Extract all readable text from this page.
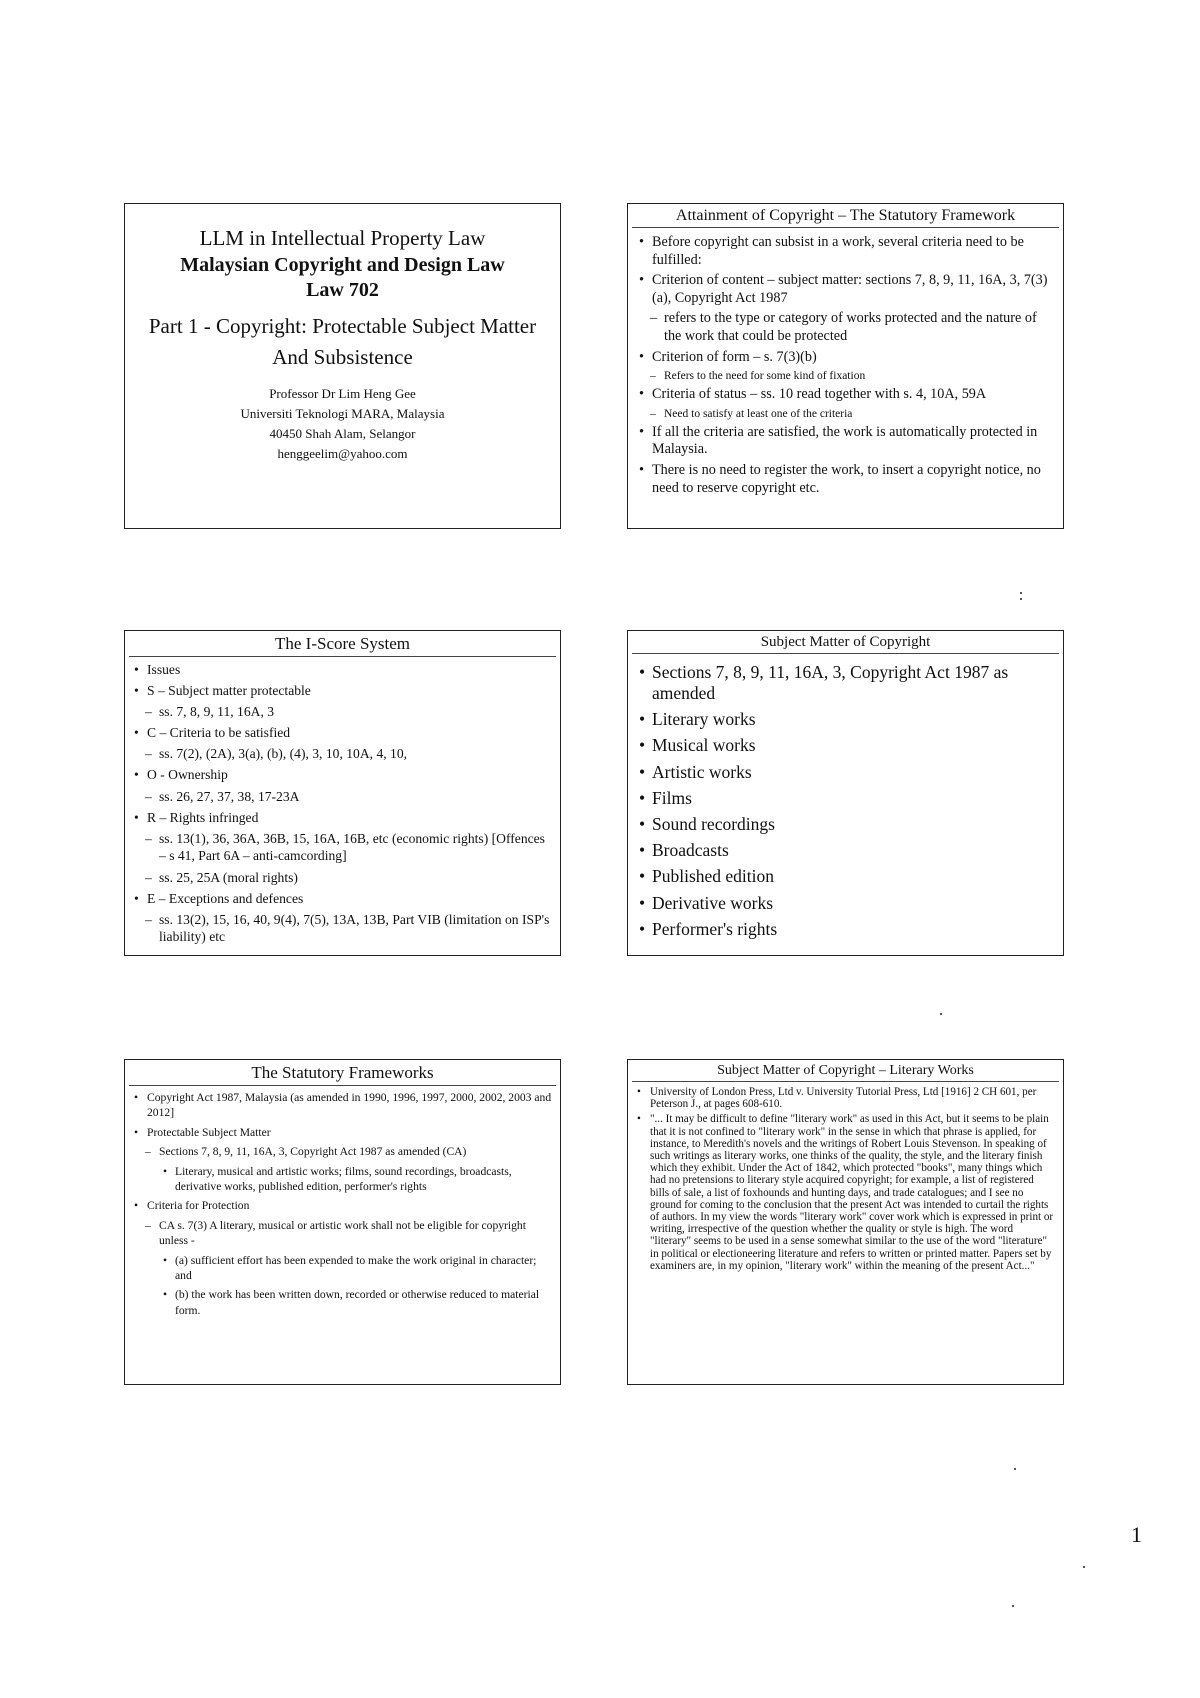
LLM in Intellectual Property Law
Malaysian Copyright and Design Law
Law 702
Part 1 - Copyright: Protectable Subject Matter
And Subsistence
Professor Dr Lim Heng Gee
Universiti Teknologi MARA, Malaysia
40450 Shah Alam, Selangor
henggeelim@yahoo.com
Attainment of Copyright – The Statutory Framework
• Before copyright can subsist in a work, several criteria need to be fulfilled:
• Criterion of content – subject matter: sections 7, 8, 9, 11, 16A, 3, 7(3)(a), Copyright Act 1987
– refers to the type or category of works protected and the nature of the work that could be protected
• Criterion of form – s. 7(3)(b)
– Refers to the need for some kind of fixation
• Criteria of status – ss. 10 read together with s. 4, 10A, 59A
– Need to satisfy at least one of the criteria
• If all the criteria are satisfied, the work is automatically protected in Malaysia.
• There is no need to register the work, to insert a copyright notice, no need to reserve copyright etc.
The I-Score System
• Issues
• S – Subject matter protectable
– ss. 7, 8, 9, 11, 16A, 3
• C – Criteria to be satisfied
– ss. 7(2), (2A), 3(a), (b), (4), 3, 10, 10A, 4, 10,
• O - Ownership
– ss. 26, 27, 37, 38, 17-23A
• R – Rights infringed
– ss. 13(1), 36, 36A, 36B, 15, 16A, 16B, etc (economic rights) [Offences – s 41, Part 6A – anti-camcording]
– ss. 25, 25A (moral rights)
• E – Exceptions and defences
– ss. 13(2), 15, 16, 40, 9(4), 7(5), 13A, 13B, Part VIB (limitation on ISP's liability) etc
Subject Matter of Copyright
• Sections 7, 8, 9, 11, 16A, 3, Copyright Act 1987 as amended
• Literary works
• Musical works
• Artistic works
• Films
• Sound recordings
• Broadcasts
• Published edition
• Derivative works
• Performer's rights
The Statutory Frameworks
• Copyright Act 1987, Malaysia (as amended in 1990, 1996, 1997, 2000, 2002, 2003 and 2012]
• Protectable Subject Matter
– Sections 7, 8, 9, 11, 16A, 3, Copyright Act 1987 as amended (CA)
• Literary, musical and artistic works; films, sound recordings, broadcasts, derivative works, published edition, performer's rights
• Criteria for Protection
– CA s. 7(3) A literary, musical or artistic work shall not be eligible for copyright unless -
• (a) sufficient effort has been expended to make the work original in character; and
• (b) the work has been written down, recorded or otherwise reduced to material form.
Subject Matter of Copyright – Literary Works
• University of London Press, Ltd v. University Tutorial Press, Ltd [1916] 2 CH 601, per Peterson J., at pages 608-610.
• "... It may be difficult to define "literary work" as used in this Act, but it seems to be plain that it is not confined to "literary work" in the sense in which that phrase is applied, for instance, to Meredith's novels and the writings of Robert Louis Stevenson. In speaking of such writings as literary works, one thinks of the quality, the style, and the literary finish which they exhibit. Under the Act of 1842, which protected "books", many things which had no pretensions to literary style acquired copyright; for example, a list of registered bills of sale, a list of foxhounds and hunting days, and trade catalogues; and I see no ground for coming to the conclusion that the present Act was intended to curtail the rights of authors. In my view the words "literary work" cover work which is expressed in print or writing, irrespective of the question whether the quality or style is high. The word "literary" seems to be used in a sense somewhat similar to the use of the word "literature" in political or electioneering literature and refers to written or printed matter. Papers set by examiners are, in my opinion, "literary work" within the meaning of the present Act..."
1
